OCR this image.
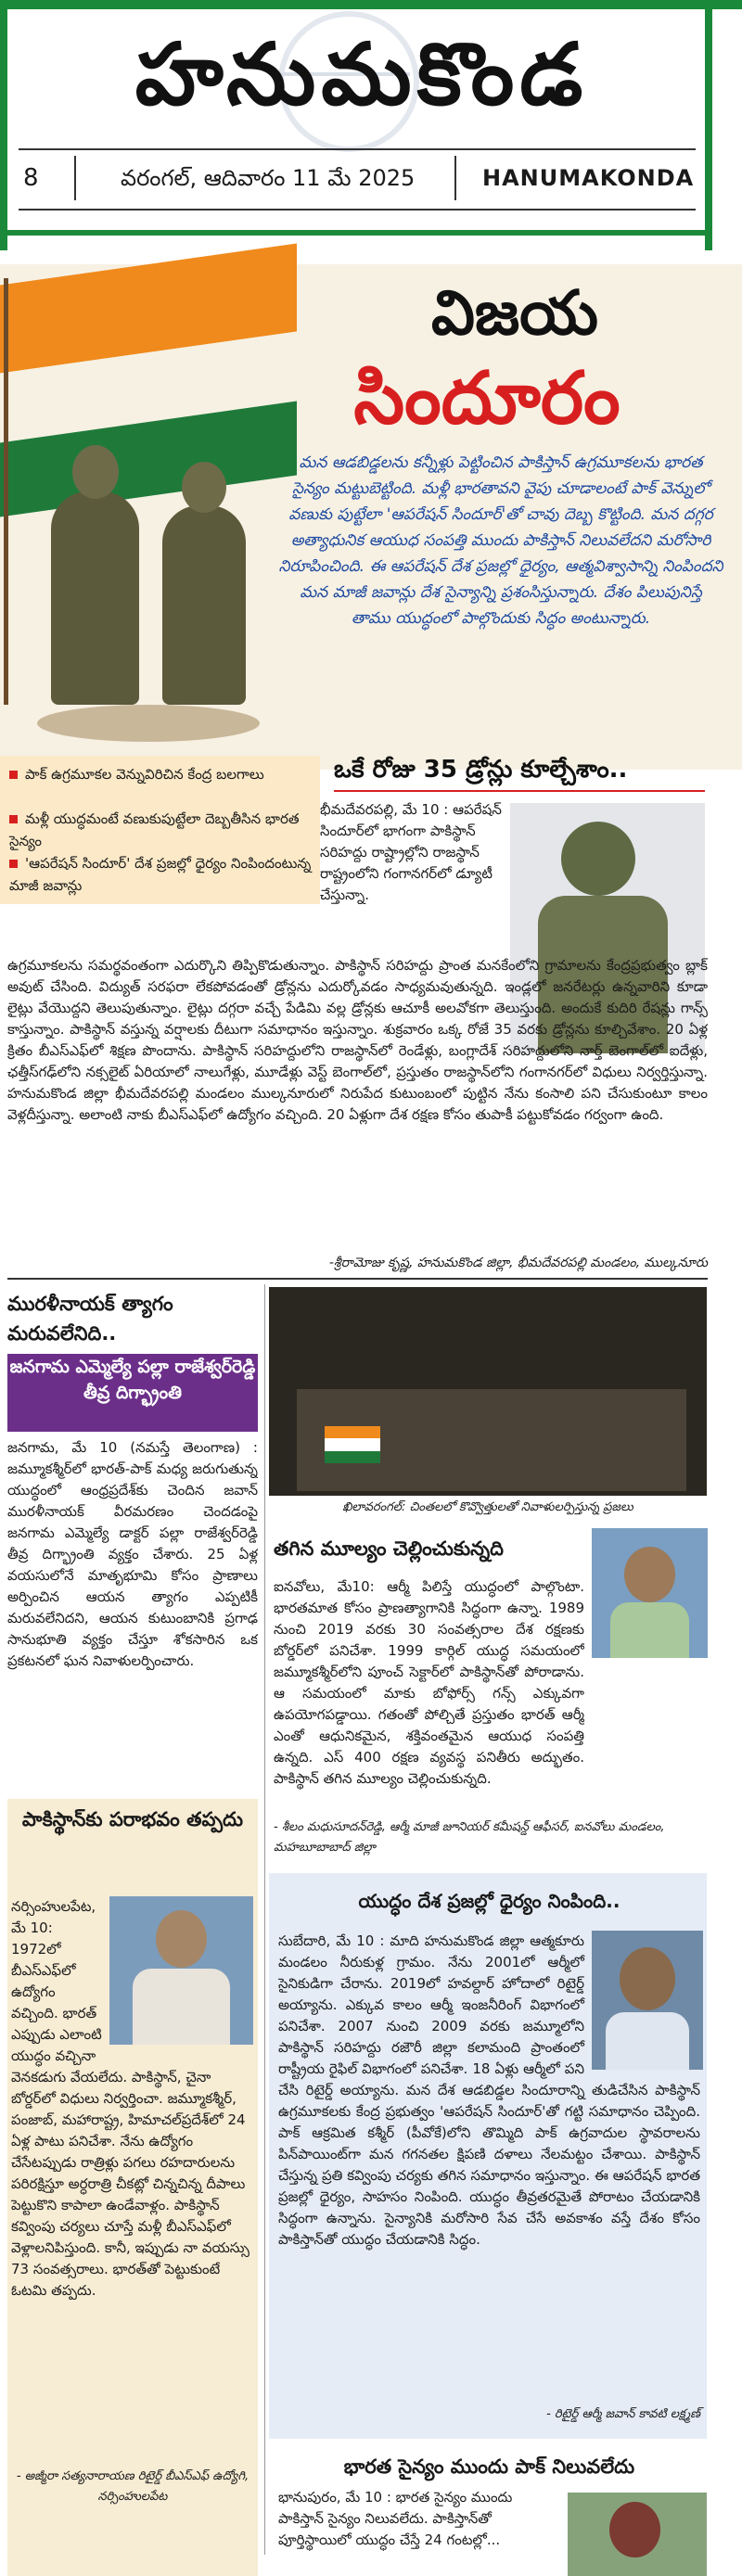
హనుమకొండ
8	వరంగల్, ఆదివారం 11 మే 2025	HANUMAKONDA
విజయ
సిందూరం
మన ఆడబిడ్డలను కన్నీళ్లు పెట్టించిన పాకిస్తాన్ ఉగ్రమూకలను భారత సైన్యం మట్టుబెట్టింది. మళ్లీ భారతావని వైపు చూడాలంటే పాక్ వెన్నులో వణుకు పుట్టేలా 'ఆపరేషన్ సిందూర్'తో చావు దెబ్బ కొట్టింది. మన దగ్గర అత్యాధునిక ఆయుధ సంపత్తి ముందు పాకిస్తాన్ నిలువలేదని మరోసారి నిరూపించింది. ఈ ఆపరేషన్ దేశ ప్రజల్లో ధైర్యం, ఆత్మవిశ్వాసాన్ని నింపిందని మన మాజీ జవాన్లు దేశ సైన్యాన్ని ప్రశంసిస్తున్నారు. దేశం పిలుపునిస్తే తాము యుద్ధంలో పాల్గొందుకు సిద్ధం అంటున్నారు.
పాక్ ఉగ్రమూకల వెన్నువిరిచిన కేంద్ర బలగాలు
మళ్లీ యుద్ధమంటే వణుకుపుట్టేలా దెబ్బతీసిన భారత సైన్యం
'ఆపరేషన్ సిందూర్' దేశ ప్రజల్లో ధైర్యం నింపిందంటున్న మాజీ జవాన్లు
ఒకే రోజు 35 డ్రోన్లు కూల్చేశాం..
భీమదేవరపల్లి, మే 10 : ఆపరేషన్ సిందూర్‌లో భాగంగా పాకిస్థాన్ సరిహద్దు రాష్ట్రాల్లోని రాజస్థాన్ రాష్ట్రంలోని గంగానగర్‌లో డ్యూటీ చేస్తున్నా.
ఉగ్రమూకలను సమర్థవంతంగా ఎదుర్కొని తిప్పికొడుతున్నాం. పాకిస్థాన్ సరిహద్దు ప్రాంత మనకేంలోని గ్రామాలను కేంద్రప్రభుత్వం బ్లాక్ అవుట్ చేసింది. విద్యుత్ సరఫరా లేకపోవడంతో డ్రోన్లను ఎదుర్కోవడం సాధ్యమవుతున్నది. ఇండ్లలో జనరేటర్లు ఉన్నవారిని కూడా లైట్లు వేయొద్దని తెలుపుతున్నాం. లైట్లు దగ్గరా వచ్చే పేడిమి వల్ల డ్రోన్లకు ఆచూకీ అలవోకగా తెలుస్తుంది. అందుకే కుదిరి రేషన్లు గాన్స్ కాస్తున్నాం. పాకిస్థాన్ వస్తున్న వర్షాలకు దీటుగా సమాధానం ఇస్తున్నాం. శుక్రవారం ఒక్క రోజే 35 వరకు డ్రోన్లను కూల్చివేశాం. 20 ఏళ్ల క్రితం బీఎస్ఎఫ్‌లో శిక్షణ పొందాను. పాకిస్థాన్ సరిహద్దులోని రాజస్థాన్‌లో రెండేళ్లు, బంగ్లాదేశ్ సరిహద్దులోని నార్త్ బెంగాల్‌లో ఐదేళ్లు, ఛత్తీస్‌గఢ్‌లోని నక్సలైట్ ఏరియాలో నాలుగేళ్లు, మూడేళ్లు వెస్ట్ బెంగాల్‌లో, ప్రస్తుతం రాజస్థాన్‌లోని గంగానగర్‌లో విధులు నిర్వర్తిస్తున్నా. హనుమకొండ జిల్లా భీమదేవరపల్లి మండలం ముల్కనూరులో నిరుపేద కుటుంబంలో పుట్టిన నేను కంసాలి పని చేసుకుంటూ కాలం వెళ్లదీస్తున్నా. అలాంటి నాకు బీఎస్ఎఫ్‌లో ఉద్యోగం వచ్చింది. 20 ఏళ్లుగా దేశ రక్షణ కోసం తుపాకీ పట్టుకోవడం గర్వంగా ఉంది.
-శ్రీరామోజు కృష్ణ, హనుమకొండ జిల్లా, భీమదేవరపల్లి మండలం, ముల్కనూరు
మురళీనాయక్ త్యాగం మరువలేనిది..
జనగామ ఎమ్మెల్యే పల్లా రాజేశ్వర్‌రెడ్డి తీవ్ర దిగ్భ్రాంతి
జనగామ, మే 10 (నమస్తే తెలంగాణ) : జమ్మూకశ్మీర్‌లో భారత్-పాక్ మధ్య జరుగుతున్న యుద్ధంలో ఆంధ్రప్రదేశ్‌కు చెందిన జవాన్ మురళీనాయక్ వీరమరణం చెందడంపై జనగామ ఎమ్మెల్యే డాక్టర్ పల్లా రాజేశ్వర్‌రెడ్డి తీవ్ర దిగ్భ్రాంతి వ్యక్తం చేశారు. 25 ఏళ్ల వయసులోనే మాతృభూమి కోసం ప్రాణాలు అర్పించిన ఆయన త్యాగం ఎప్పటికీ మరువలేనిదని, ఆయన కుటుంబానికి ప్రగాఢ సానుభూతి వ్యక్తం చేస్తూ శోకసారిన ఒక ప్రకటనలో ఘన నివాళులర్పించారు.
ఖిలావరంగల్: చింతలలో కొవ్వొత్తులతో నివాళులర్పిస్తున్న ప్రజలు
తగిన మూల్యం చెల్లించుకున్నది
ఐనవోలు, మే10: ఆర్మీ పిలిస్తే యుద్ధంలో పాల్గొంటా. భారతమాత కోసం ప్రాణత్యాగానికి సిద్ధంగా ఉన్నా. 1989 నుంచి 2019 వరకు 30 సంవత్సరాల దేశ రక్షణకు బోర్డర్‌లో పనిచేశా. 1999 కార్గిల్ యుద్ధ సమయంలో జమ్మూకశ్మీర్‌లోని పూంచ్ సెక్టార్‌లో పాకిస్థాన్‌తో పోరాడాను. ఆ సమయంలో మాకు బోఫోర్స్ గన్స్ ఎక్కువగా ఉపయోగపడ్డాయి. గతంతో పోల్చితే ప్రస్తుతం భారత్ ఆర్మీ ఎంతో ఆధునికమైన, శక్తివంతమైన ఆయుధ సంపత్తి ఉన్నది. ఎస్ 400 రక్షణ వ్యవస్థ పనితీరు అద్భుతం. పాకిస్థాన్ తగిన మూల్యం చెల్లించుకున్నది.
- శీలం మధుసూదన్‌రెడ్డి, ఆర్మీ మాజీ జూనియర్ కమీషన్డ్ ఆఫీసర్, ఐనవోలు మండలం, మహబూబాబాద్ జిల్లా
పాకిస్థాన్‌కు పరాభవం తప్పదు
నర్సింహులపేట, మే 10: 1972లో బీఎస్‌ఎఫ్‌లో ఉద్యోగం వచ్చింది. భారత్ ఎప్పుడు ఎలాంటి యుద్ధం వచ్చినా వెనకడుగు వేయలేదు. పాకిస్థాన్, చైనా బోర్డర్‌లో విధులు నిర్వర్తించా. జమ్మూకశ్మీర్, పంజాబ్, మహారాష్ట్ర, హిమాచల్‌ప్రదేశ్‌లో 24 ఏళ్ల పాటు పనిచేశా. నేను ఉద్యోగం చేసేటప్పుడు రాత్రిళ్లు పగలు రహదారులను పరిరక్షిస్తూ అర్ధరాత్రి చీకట్లో చిన్నచిన్న దీపాలు పెట్టుకొని కాపాలా ఉండేవాళ్లం. పాకిస్థాన్ కవ్వింపు చర్యలు చూస్తే మళ్లీ బీఎస్‌ఎఫ్‌లో వెళ్లాలనిపిస్తుంది. కానీ, ఇప్పుడు నా వయస్సు 73 సంవత్సరాలు. భారత్‌తో పెట్టుకుంటే ఓటమి తప్పదు.
- అజ్మీరా సత్యనారాయణ రిటైర్డ్ బీఎస్‌ఎఫ్ ఉద్యోగి, నర్సింహులపేట
యుద్ధం దేశ ప్రజల్లో ధైర్యం నింపింది..
సుబేదారి, మే 10 : మాది హనుమకొండ జిల్లా ఆత్మకూరు మండలం నీరుకుళ్ల గ్రామం. నేను 2001లో ఆర్మీలో సైనికుడిగా చేరాను. 2019లో హవల్దార్ హోదాలో రిటైర్డ్ అయ్యాను. ఎక్కువ కాలం ఆర్మీ ఇంజనీరింగ్ విభాగంలో పనిచేశా. 2007 నుంచి 2009 వరకు జమ్మూలోని పాకిస్థాన్ సరిహద్దు రజౌరీ జిల్లా కలామంది ప్రాంతంలో రాష్ట్రీయ రైఫిల్ విభాగంలో పనిచేశా. 18 ఏళ్లు ఆర్మీలో పని చేసి రిటైర్డ్ అయ్యాను. మన దేశ ఆడబిడ్డల సిందూరాన్ని తుడిచేసిన పాకిస్థాన్ ఉగ్రమూకలకు కేంద్ర ప్రభుత్వం 'ఆపరేషన్ సిందూర్'తో గట్టి సమాధానం చెప్పింది. పాక్ ఆక్రమిత కశ్మీర్ (పీవోకే)లోని తొమ్మిది పాక్ ఉగ్రవాదుల స్థావరాలను పిన్‌పాయింట్‌గా మన గగనతల క్షిపణి దళాలు నేలమట్టం చేశాయి. పాకిస్థాన్ చేస్తున్న ప్రతి కవ్వింపు చర్యకు తగిన సమాధానం ఇస్తున్నాం. ఈ ఆపరేషన్ భారత ప్రజల్లో ధైర్యం, సాహసం నింపింది. యుద్ధం తీవ్రతరమైతే పోరాటం చేయడానికి సిద్ధంగా ఉన్నాను. సైన్యానికి మరోసారి సేవ చేసే అవకాశం వస్తే దేశం కోసం పాకిస్తాన్‌తో యుద్ధం చేయడానికి సిద్ధం.
- రిటైర్డ్ ఆర్మీ జవాన్ కావటి లక్ష్మణ్
భారత సైన్యం ముందు పాక్ నిలువలేదు
భానుపురం, మే 10 : భారత సైన్యం ముందు పాకిస్తాన్ సైన్యం నిలువలేదు. పాకిస్తాన్‌తో పూర్తిస్థాయిలో యుద్ధం చేస్తే 24 గంటల్లో...
